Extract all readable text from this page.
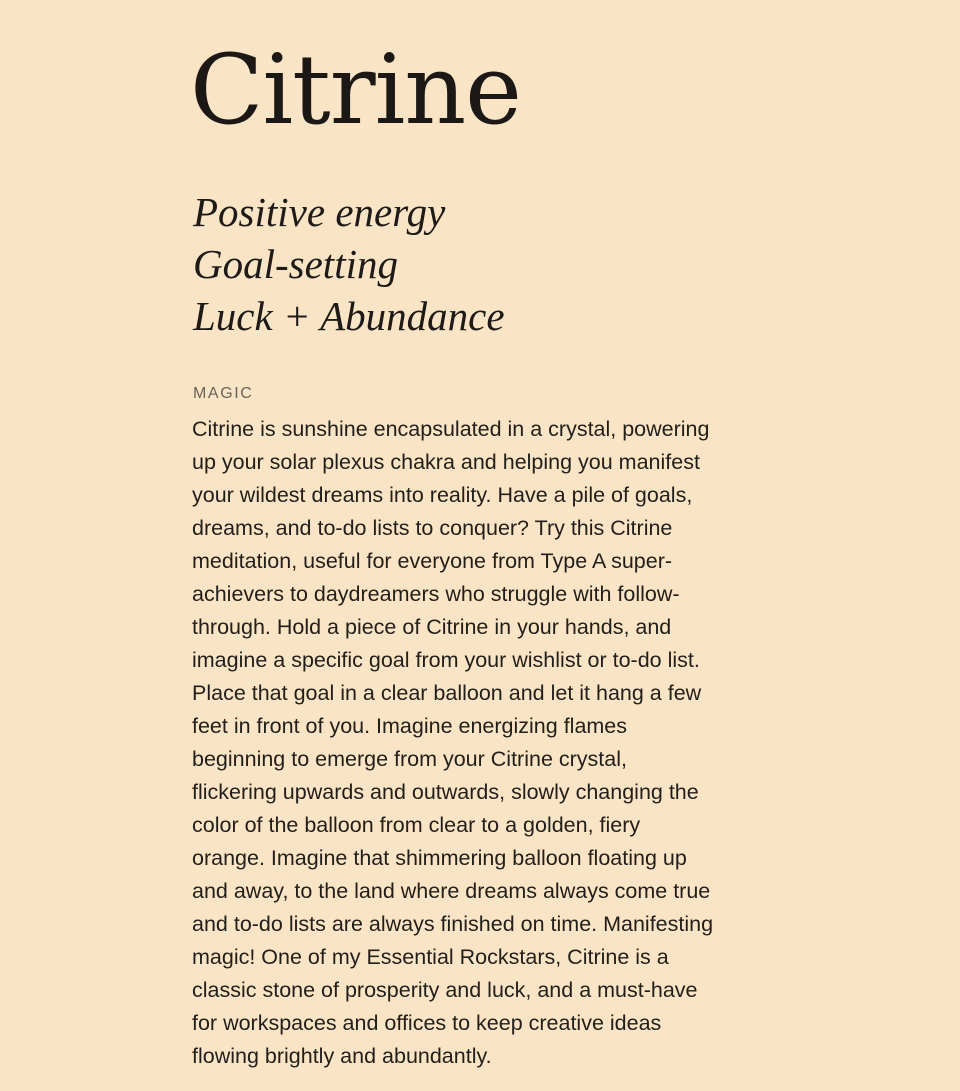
Citrine
Positive energy
Goal-setting
Luck + Abundance
MAGIC

Citrine is sunshine encapsulated in a crystal, powering
up your solar plexus chakra and helping you manifest
your wildest dreams into reality. Have a pile of goals,
dreams, and to-do lists to conquer? Try this Citrine
meditation, useful for everyone from Type A super-
achievers to daydreamers who struggle with follow-
through. Hold a piece of Citrine in your hands, and
imagine a specific goal from your wishlist or to-do list.
Place that goal in a clear balloon and let it hang a few
feet in front of you. Imagine energizing flames
beginning to emerge from your Citrine crystal,
flickering upwards and outwards, slowly changing the
color of the balloon from clear to a golden, fiery
orange. Imagine that shimmering balloon floating up
and away, to the land where dreams always come true
and to-do lists are always finished on time. Manifesting
magic! One of my Essential Rockstars, Citrine is a
classic stone of prosperity and luck, and a must-have
for workspaces and offices to keep creative ideas
flowing brightly and abundantly.
